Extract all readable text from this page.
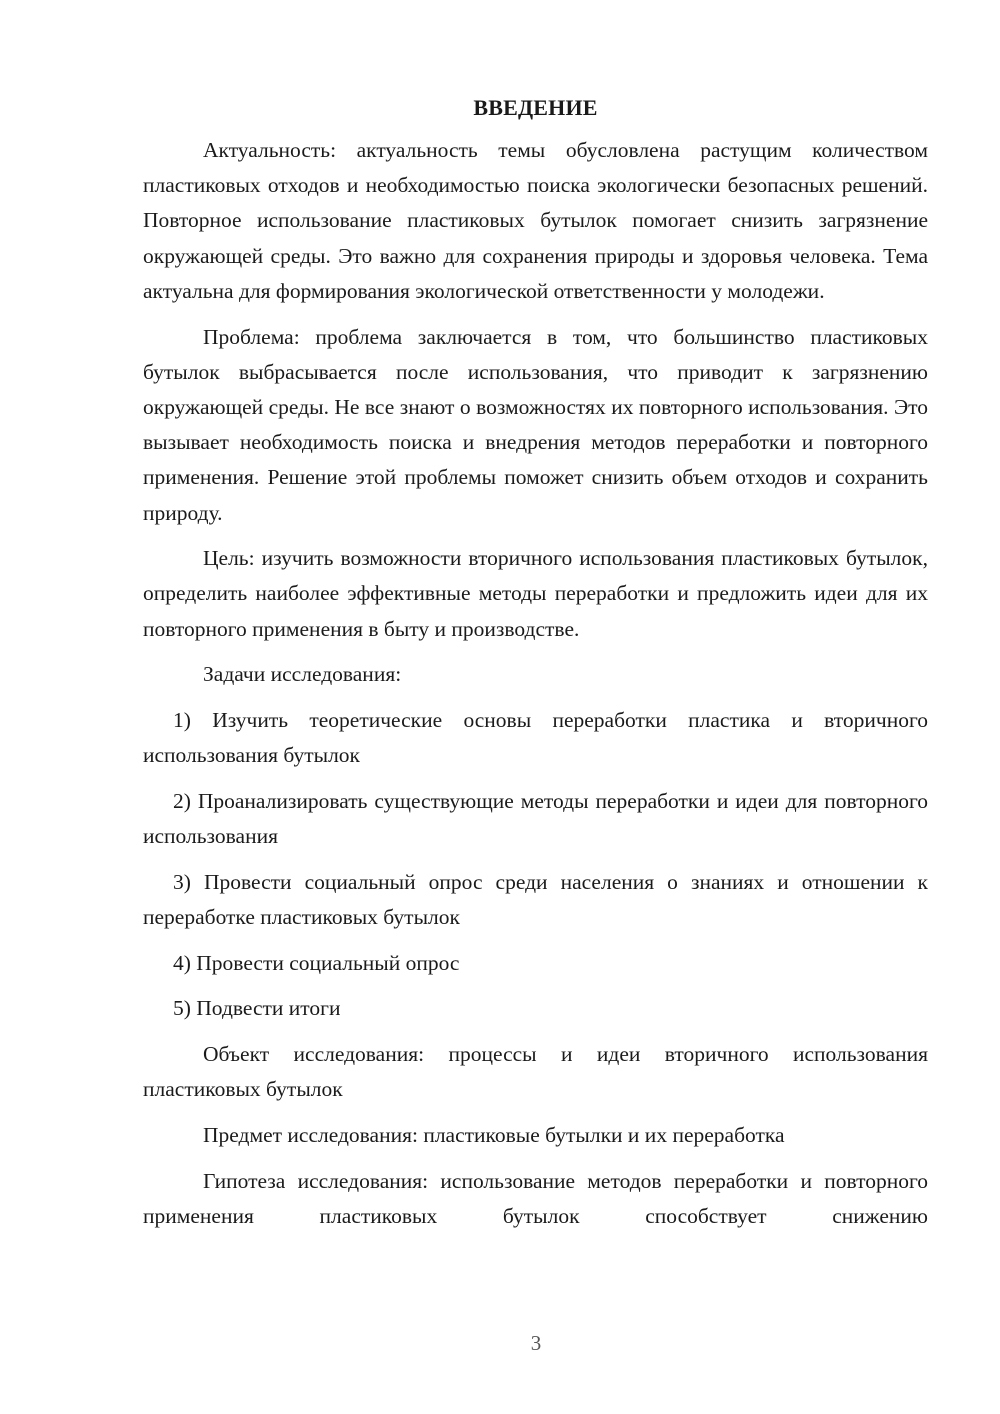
ВВЕДЕНИЕ

Актуальность: актуальность темы обусловлена растущим количеством пластиковых отходов и необходимостью поиска экологически безопасных решений. Повторное использование пластиковых бутылок помогает снизить загрязнение окружающей среды. Это важно для сохранения природы и здоровья человека. Тема актуальна для формирования экологической ответственности у молодежи.

Проблема: проблема заключается в том, что большинство пластиковых бутылок выбрасывается после использования, что приводит к загрязнению окружающей среды. Не все знают о возможностях их повторного использования. Это вызывает необходимость поиска и внедрения методов переработки и повторного применения. Решение этой проблемы поможет снизить объем отходов и сохранить природу.

Цель: изучить возможности вторичного использования пластиковых бутылок, определить наиболее эффективные методы переработки и предложить идеи для их повторного применения в быту и производстве.

Задачи исследования:

1) Изучить теоретические основы переработки пластика и вторичного использования бутылок

2) Проанализировать существующие методы переработки и идеи для повторного использования

3) Провести социальный опрос среди населения о знаниях и отношении к переработке пластиковых бутылок

4) Провести социальный опрос

5) Подвести итоги

Объект исследования: процессы и идеи вторичного использования пластиковых бутылок

Предмет исследования: пластиковые бутылки и их переработка

Гипотеза исследования: использование методов переработки и повторного применения пластиковых бутылок способствует снижению

3
